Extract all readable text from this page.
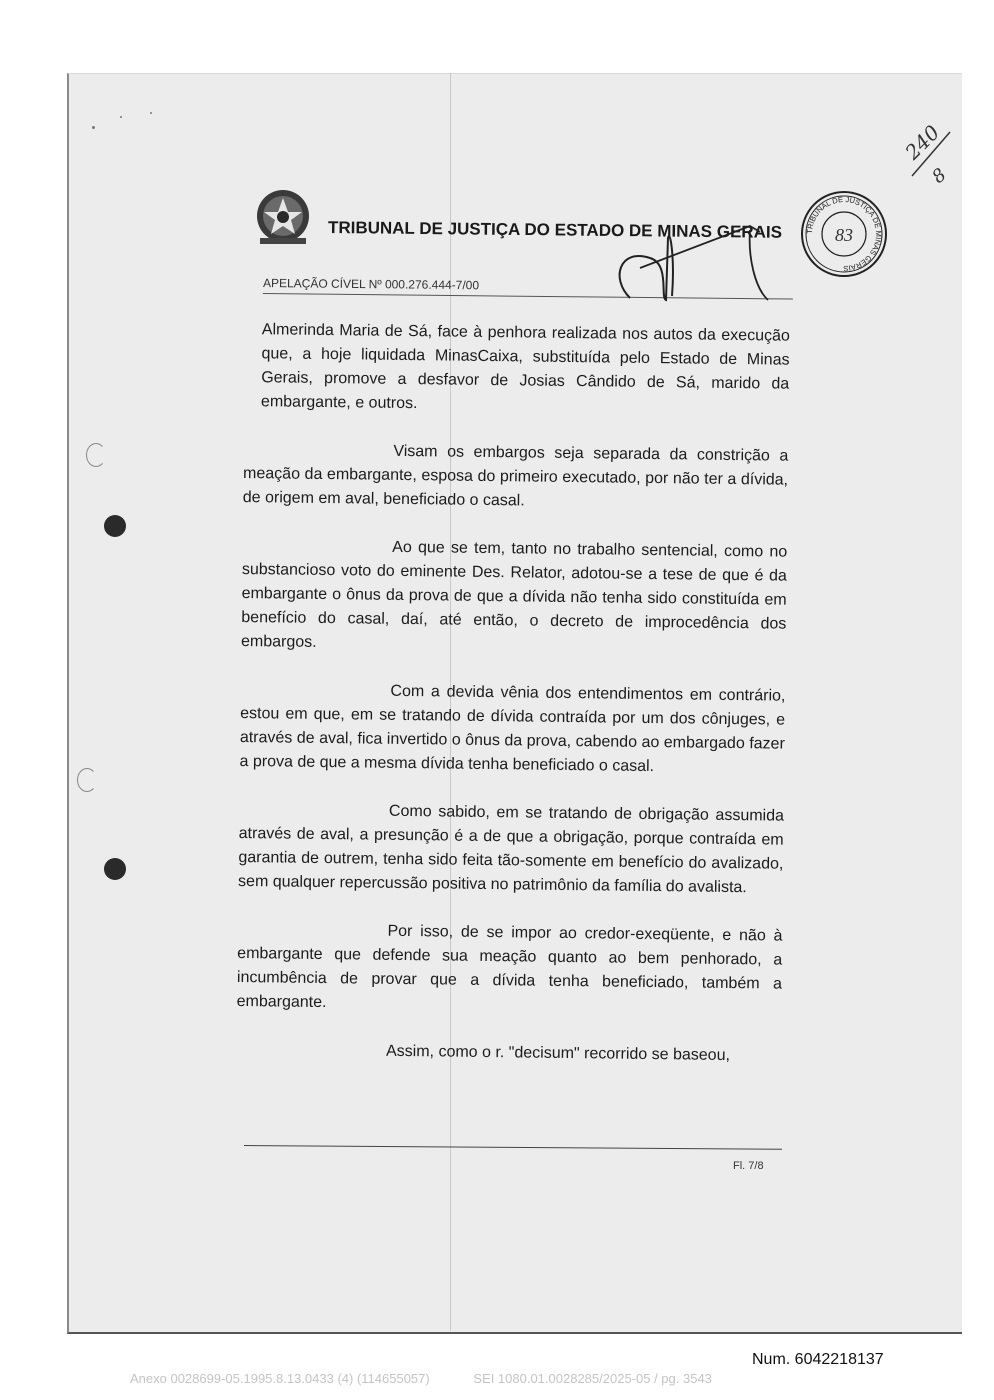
TRIBUNAL DE JUSTIÇA DO ESTADO DE MINAS GERAIS
APELAÇÃO CÍVEL Nº 000.276.444-7/00
TRIBUNAL DE JUSTIÇA DE MINAS GERAIS
83
240
8

Almerinda Maria de Sá, face à penhora realizada nos autos da execução que, a hoje liquidada MinasCaixa, substituída pelo Estado de Minas Gerais, promove a desfavor de Josias Cândido de Sá, marido da embargante, e outros.

Visam os embargos seja separada da constrição a meação da embargante, esposa do primeiro executado, por não ter a dívida, de origem em aval, beneficiado o casal.

Ao que se tem, tanto no trabalho sentencial, como no substancioso voto do eminente Des. Relator, adotou-se a tese de que é da embargante o ônus da prova de que a dívida não tenha sido constituída em benefício do casal, daí, até então, o decreto de improcedência dos embargos.

Com a devida vênia dos entendimentos em contrário, estou em que, em se tratando de dívida contraída por um dos cônjuges, e através de aval, fica invertido o ônus da prova, cabendo ao embargado fazer a prova de que a mesma dívida tenha beneficiado o casal.

Como sabido, em se tratando de obrigação assumida através de aval, a presunção é a de que a obrigação, porque contraída em garantia de outrem, tenha sido feita tão-somente em benefício do avalizado, sem qualquer repercussão positiva no patrimônio da família do avalista.

Por isso, de se impor ao credor-exeqüente, e não à embargante que defende sua meação quanto ao bem penhorado, a incumbência de provar que a dívida tenha beneficiado, também a embargante.

Assim, como o r. "decisum" recorrido se baseou,

Fl. 7/8
Num. 6042218137
Anexo 0028699-05.1995.8.13.0433 (4) (114655057)	SEI 1080.01.0028285/2025-05 / pg. 3543
